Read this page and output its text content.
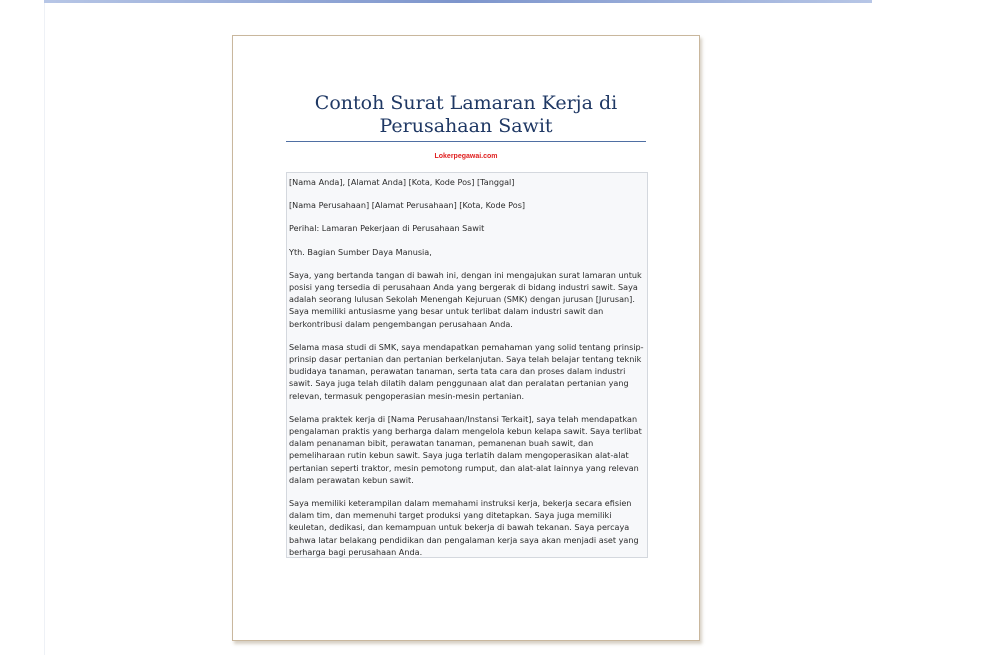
Contoh Surat Lamaran Kerja di
Perusahaan Sawit
Lokerpegawai.com

[Nama Anda], [Alamat Anda] [Kota, Kode Pos] [Tanggal]

[Nama Perusahaan] [Alamat Perusahaan] [Kota, Kode Pos]

Perihal: Lamaran Pekerjaan di Perusahaan Sawit

Yth. Bagian Sumber Daya Manusia,

Saya, yang bertanda tangan di bawah ini, dengan ini mengajukan surat lamaran untuk posisi yang tersedia di perusahaan Anda yang bergerak di bidang industri sawit. Saya adalah seorang lulusan Sekolah Menengah Kejuruan (SMK) dengan jurusan [Jurusan]. Saya memiliki antusiasme yang besar untuk terlibat dalam industri sawit dan berkontribusi dalam pengembangan perusahaan Anda.

Selama masa studi di SMK, saya mendapatkan pemahaman yang solid tentang prinsip-prinsip dasar pertanian dan pertanian berkelanjutan. Saya telah belajar tentang teknik budidaya tanaman, perawatan tanaman, serta tata cara dan proses dalam industri sawit. Saya juga telah dilatih dalam penggunaan alat dan peralatan pertanian yang relevan, termasuk pengoperasian mesin-mesin pertanian.

Selama praktek kerja di [Nama Perusahaan/Instansi Terkait], saya telah mendapatkan pengalaman praktis yang berharga dalam mengelola kebun kelapa sawit. Saya terlibat dalam penanaman bibit, perawatan tanaman, pemanenan buah sawit, dan pemeliharaan rutin kebun sawit. Saya juga terlatih dalam mengoperasikan alat-alat pertanian seperti traktor, mesin pemotong rumput, dan alat-alat lainnya yang relevan dalam perawatan kebun sawit.

Saya memiliki keterampilan dalam memahami instruksi kerja, bekerja secara efisien dalam tim, dan memenuhi target produksi yang ditetapkan. Saya juga memiliki keuletan, dedikasi, dan kemampuan untuk bekerja di bawah tekanan. Saya percaya bahwa latar belakang pendidikan dan pengalaman kerja saya akan menjadi aset yang berharga bagi perusahaan Anda.
